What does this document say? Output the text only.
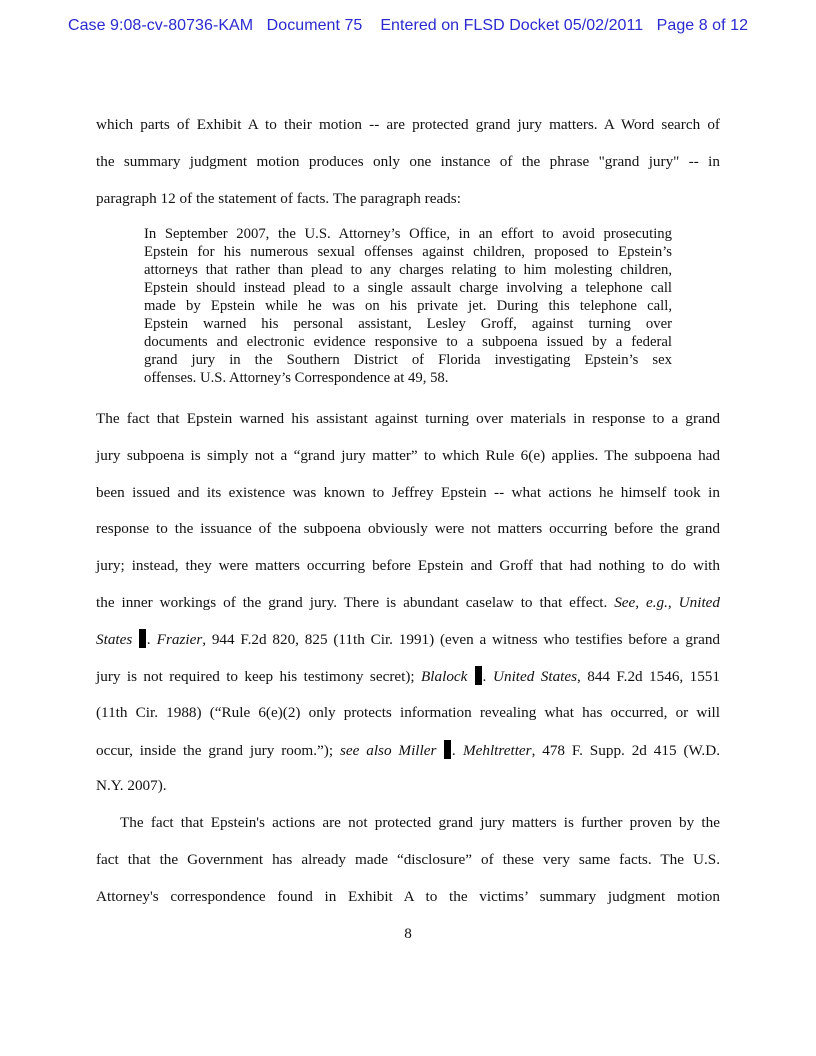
Case 9:08-cv-80736-KAM   Document 75    Entered on FLSD Docket 05/02/2011   Page 8 of 12
which parts of Exhibit A to their motion -- are protected grand jury matters. A Word search of
the summary judgment motion produces only one instance of the phrase "grand jury" -- in
paragraph 12 of the statement of facts. The paragraph reads:
In September 2007, the U.S. Attorney’s Office, in an effort to avoid prosecuting
Epstein for his numerous sexual offenses against children, proposed to Epstein’s
attorneys that rather than plead to any charges relating to him molesting children,
Epstein should instead plead to a single assault charge involving a telephone call
made by Epstein while he was on his private jet. During this telephone call,
Epstein warned his personal assistant, Lesley Groff, against turning over
documents and electronic evidence responsive to a subpoena issued by a federal
grand jury in the Southern District of Florida investigating Epstein’s sex
offenses. U.S. Attorney’s Correspondence at 49, 58.
The fact that Epstein warned his assistant against turning over materials in response to a grand
jury subpoena is simply not a “grand jury matter” to which Rule 6(e) applies. The subpoena had
been issued and its existence was known to Jeffrey Epstein -- what actions he himself took in
response to the issuance of the subpoena obviously were not matters occurring before the grand
jury; instead, they were matters occurring before Epstein and Groff that had nothing to do with
the inner workings of the grand jury. There is abundant caselaw to that effect. See, e.g., United
States . Frazier, 944 F.2d 820, 825 (11th Cir. 1991) (even a witness who testifies before a grand
jury is not required to keep his testimony secret); Blalock . United States, 844 F.2d 1546, 1551
(11th Cir. 1988) (“Rule 6(e)(2) only protects information revealing what has occurred, or will
occur, inside the grand jury room.”); see also Miller . Mehltretter, 478 F. Supp. 2d 415 (W.D.
N.Y. 2007).
The fact that Epstein's actions are not protected grand jury matters is further proven by the
fact that the Government has already made “disclosure” of these very same facts. The U.S.
Attorney's correspondence found in Exhibit A to the victims’ summary judgment motion
8
